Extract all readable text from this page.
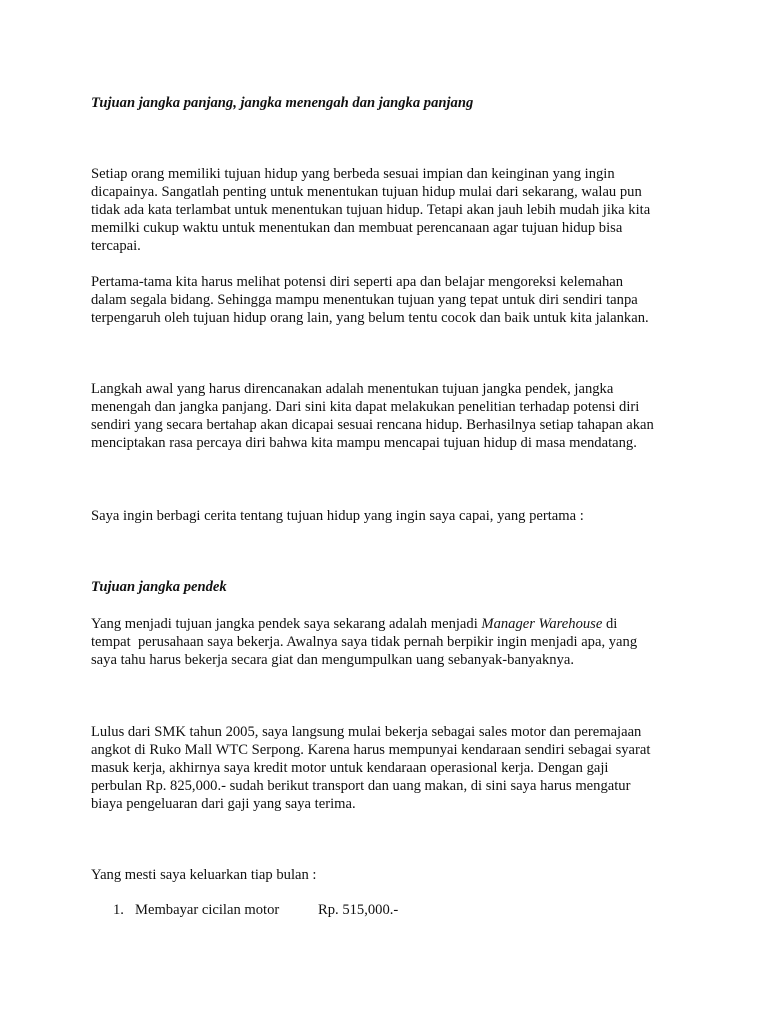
Tujuan jangka panjang, jangka menengah dan jangka panjang

Setiap orang memiliki tujuan hidup yang berbeda sesuai impian dan keinginan yang ingin

dicapainya. Sangatlah penting untuk menentukan tujuan hidup mulai dari sekarang, walau pun

tidak ada kata terlambat untuk menentukan tujuan hidup. Tetapi akan jauh lebih mudah jika kita

memilki cukup waktu untuk menentukan dan membuat perencanaan agar tujuan hidup bisa

tercapai.

Pertama-tama kita harus melihat potensi diri seperti apa dan belajar mengoreksi kelemahan

dalam segala bidang. Sehingga mampu menentukan tujuan yang tepat untuk diri sendiri tanpa

terpengaruh oleh tujuan hidup orang lain, yang belum tentu cocok dan baik untuk kita jalankan.

Langkah awal yang harus direncanakan adalah menentukan tujuan jangka pendek, jangka

menengah dan jangka panjang. Dari sini kita dapat melakukan penelitian terhadap potensi diri

sendiri yang secara bertahap akan dicapai sesuai rencana hidup. Berhasilnya setiap tahapan akan

menciptakan rasa percaya diri bahwa kita mampu mencapai tujuan hidup di masa mendatang.

Saya ingin berbagi cerita tentang tujuan hidup yang ingin saya capai, yang pertama :

Tujuan jangka pendek

Yang menjadi tujuan jangka pendek saya sekarang adalah menjadi Manager Warehouse di

tempat  perusahaan saya bekerja. Awalnya saya tidak pernah berpikir ingin menjadi apa, yang

saya tahu harus bekerja secara giat dan mengumpulkan uang sebanyak-banyaknya.

Lulus dari SMK tahun 2005, saya langsung mulai bekerja sebagai sales motor dan peremajaan

angkot di Ruko Mall WTC Serpong. Karena harus mempunyai kendaraan sendiri sebagai syarat

masuk kerja, akhirnya saya kredit motor untuk kendaraan operasional kerja. Dengan gaji

perbulan Rp. 825,000.- sudah berikut transport dan uang makan, di sini saya harus mengatur

biaya pengeluaran dari gaji yang saya terima.

Yang mesti saya keluarkan tiap bulan :

1. Membayar cicilan motor	Rp. 515,000.-
